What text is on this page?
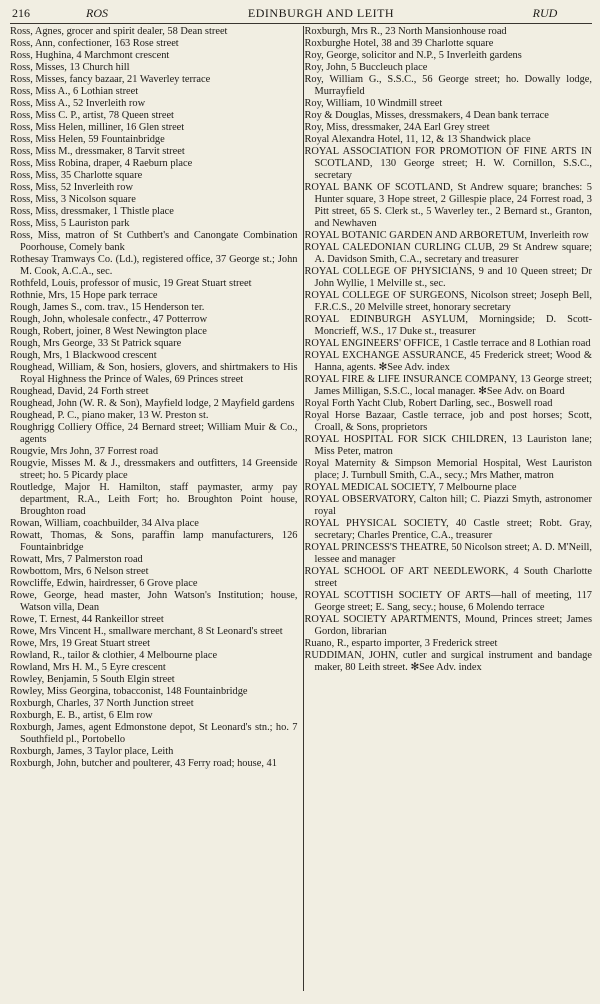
216	ROS	EDINBURGH AND LEITH	RUD

Ross, Agnes, grocer and spirit dealer, 58 Dean street

Ross, Ann, confectioner, 163 Rose street

Ross, Hughina, 4 Marchmont crescent

Ross, Misses, 13 Church hill

Ross, Misses, fancy bazaar, 21 Waverley terrace

Ross, Miss A., 6 Lothian street

Ross, Miss A., 52 Inverleith row

Ross, Miss C. P., artist, 78 Queen street

Ross, Miss Helen, milliner, 16 Glen street

Ross, Miss Helen, 59 Fountainbridge

Ross, Miss M., dressmaker, 8 Tarvit street

Ross, Miss Robina, draper, 4 Raeburn place

Ross, Miss, 35 Charlotte square

Ross, Miss, 52 Inverleith row

Ross, Miss, 3 Nicolson square

Ross, Miss, dressmaker, 1 Thistle place

Ross, Miss, 5 Lauriston park

Ross, Miss, matron of St Cuthbert's and Canongate Combination Poorhouse, Comely bank

Rothesay Tramways Co. (Ld.), registered office, 37 George st.; John M. Cook, A.C.A., sec.

Rothfeld, Louis, professor of music, 19 Great Stuart street

Rothnie, Mrs, 15 Hope park terrace

Rough, James S., com. trav., 15 Henderson ter.

Rough, John, wholesale confectr., 47 Potterrow

Rough, Robert, joiner, 8 West Newington place

Rough, Mrs George, 33 St Patrick square

Rough, Mrs, 1 Blackwood crescent

Roughead, William, & Son, hosiers, glovers, and shirtmakers to His Royal Highness the Prince of Wales, 69 Princes street

Roughead, David, 24 Forth street

Roughead, John (W. R. & Son), Mayfield lodge, 2 Mayfield gardens

Roughead, P. C., piano maker, 13 W. Preston st.

Roughrigg Colliery Office, 24 Bernard street; William Muir & Co., agents

Rougvie, Mrs John, 37 Forrest road

Rougvie, Misses M. & J., dressmakers and outfitters, 14 Greenside street; ho. 5 Picardy place

Routledge, Major H. Hamilton, staff paymaster, army pay department, R.A., Leith Fort; ho. Broughton Point house, Broughton road

Rowan, William, coachbuilder, 34 Alva place

Rowatt, Thomas, & Sons, paraffin lamp manufacturers, 126 Fountainbridge

Rowatt, Mrs, 7 Palmerston road

Rowbottom, Mrs, 6 Nelson street

Rowcliffe, Edwin, hairdresser, 6 Grove place

Rowe, George, head master, John Watson's Institution; house, Watson villa, Dean

Rowe, T. Ernest, 44 Rankeillor street

Rowe, Mrs Vincent H., smallware merchant, 8 St Leonard's street

Rowe, Mrs, 19 Great Stuart street

Rowland, R., tailor & clothier, 4 Melbourne place

Rowland, Mrs H. M., 5 Eyre crescent

Rowley, Benjamin, 5 South Elgin street

Rowley, Miss Georgina, tobacconist, 148 Fountainbridge

Roxburgh, Charles, 37 North Junction street

Roxburgh, E. B., artist, 6 Elm row

Roxburgh, James, agent Edmonstone depot, St Leonard's stn.; ho. 7 Southfield pl., Portobello

Roxburgh, James, 3 Taylor place, Leith

Roxburgh, John, butcher and poulterer, 43 Ferry road; house, 41

Roxburgh, Mrs R., 23 North Mansionhouse road

Roxburghe Hotel, 38 and 39 Charlotte square

Roy, George, solicitor and N.P., 5 Inverleith gardens

Roy, John, 5 Buccleuch place

Roy, William G., S.S.C., 56 George street; ho. Dowally lodge, Murrayfield

Roy, William, 10 Windmill street

Roy & Douglas, Misses, dressmakers, 4 Dean bank terrace

Roy, Miss, dressmaker, 24A Earl Grey street

Royal Alexandra Hotel, 11, 12, & 13 Shandwick place

ROYAL ASSOCIATION FOR PROMOTION OF FINE ARTS IN SCOTLAND, 130 George street; H. W. Cornillon, S.S.C., secretary

ROYAL BANK OF SCOTLAND, St Andrew square; branches: 5 Hunter square, 3 Hope street, 2 Gillespie place, 24 Forrest road, 3 Pitt street, 65 S. Clerk st., 5 Waverley ter., 2 Bernard st., Granton, and Newhaven

ROYAL BOTANIC GARDEN AND ARBORETUM, Inverleith row

ROYAL CALEDONIAN CURLING CLUB, 29 St Andrew square; A. Davidson Smith, C.A., secretary and treasurer

ROYAL COLLEGE OF PHYSICIANS, 9 and 10 Queen street; Dr John Wyllie, 1 Melville st., sec.

ROYAL COLLEGE OF SURGEONS, Nicolson street; Joseph Bell, F.R.C.S., 20 Melville street, honorary secretary

ROYAL EDINBURGH ASYLUM, Morningside; D. Scott-Moncrieff, W.S., 17 Duke st., treasurer

ROYAL ENGINEERS' OFFICE, 1 Castle terrace and 8 Lothian road

ROYAL EXCHANGE ASSURANCE, 45 Frederick street; Wood & Hanna, agents. ✻See Adv. index

ROYAL FIRE & LIFE INSURANCE COMPANY, 13 George street; James Milligan, S.S.C., local manager. ✻See Adv. on Board

Royal Forth Yacht Club, Robert Darling, sec., Boswell road

Royal Horse Bazaar, Castle terrace, job and post horses; Scott, Croall, & Sons, proprietors

ROYAL HOSPITAL FOR SICK CHILDREN, 13 Lauriston lane; Miss Peter, matron

Royal Maternity & Simpson Memorial Hospital, West Lauriston place; J. Turnbull Smith, C.A., secy.; Mrs Mather, matron

ROYAL MEDICAL SOCIETY, 7 Melbourne place

ROYAL OBSERVATORY, Calton hill; C. Piazzi Smyth, astronomer royal

ROYAL PHYSICAL SOCIETY, 40 Castle street; Robt. Gray, secretary; Charles Prentice, C.A., treasurer

ROYAL PRINCESS'S THEATRE, 50 Nicolson street; A. D. M'Neill, lessee and manager

ROYAL SCHOOL OF ART NEEDLEWORK, 4 South Charlotte street

ROYAL SCOTTISH SOCIETY OF ARTS—hall of meeting, 117 George street; E. Sang, secy.; house, 6 Molendo terrace

ROYAL SOCIETY APARTMENTS, Mound, Princes street; James Gordon, librarian

Ruano, R., esparto importer, 3 Frederick street

RUDDIMAN, JOHN, cutler and surgical instrument and bandage maker, 80 Leith street. ✻See Adv. index
